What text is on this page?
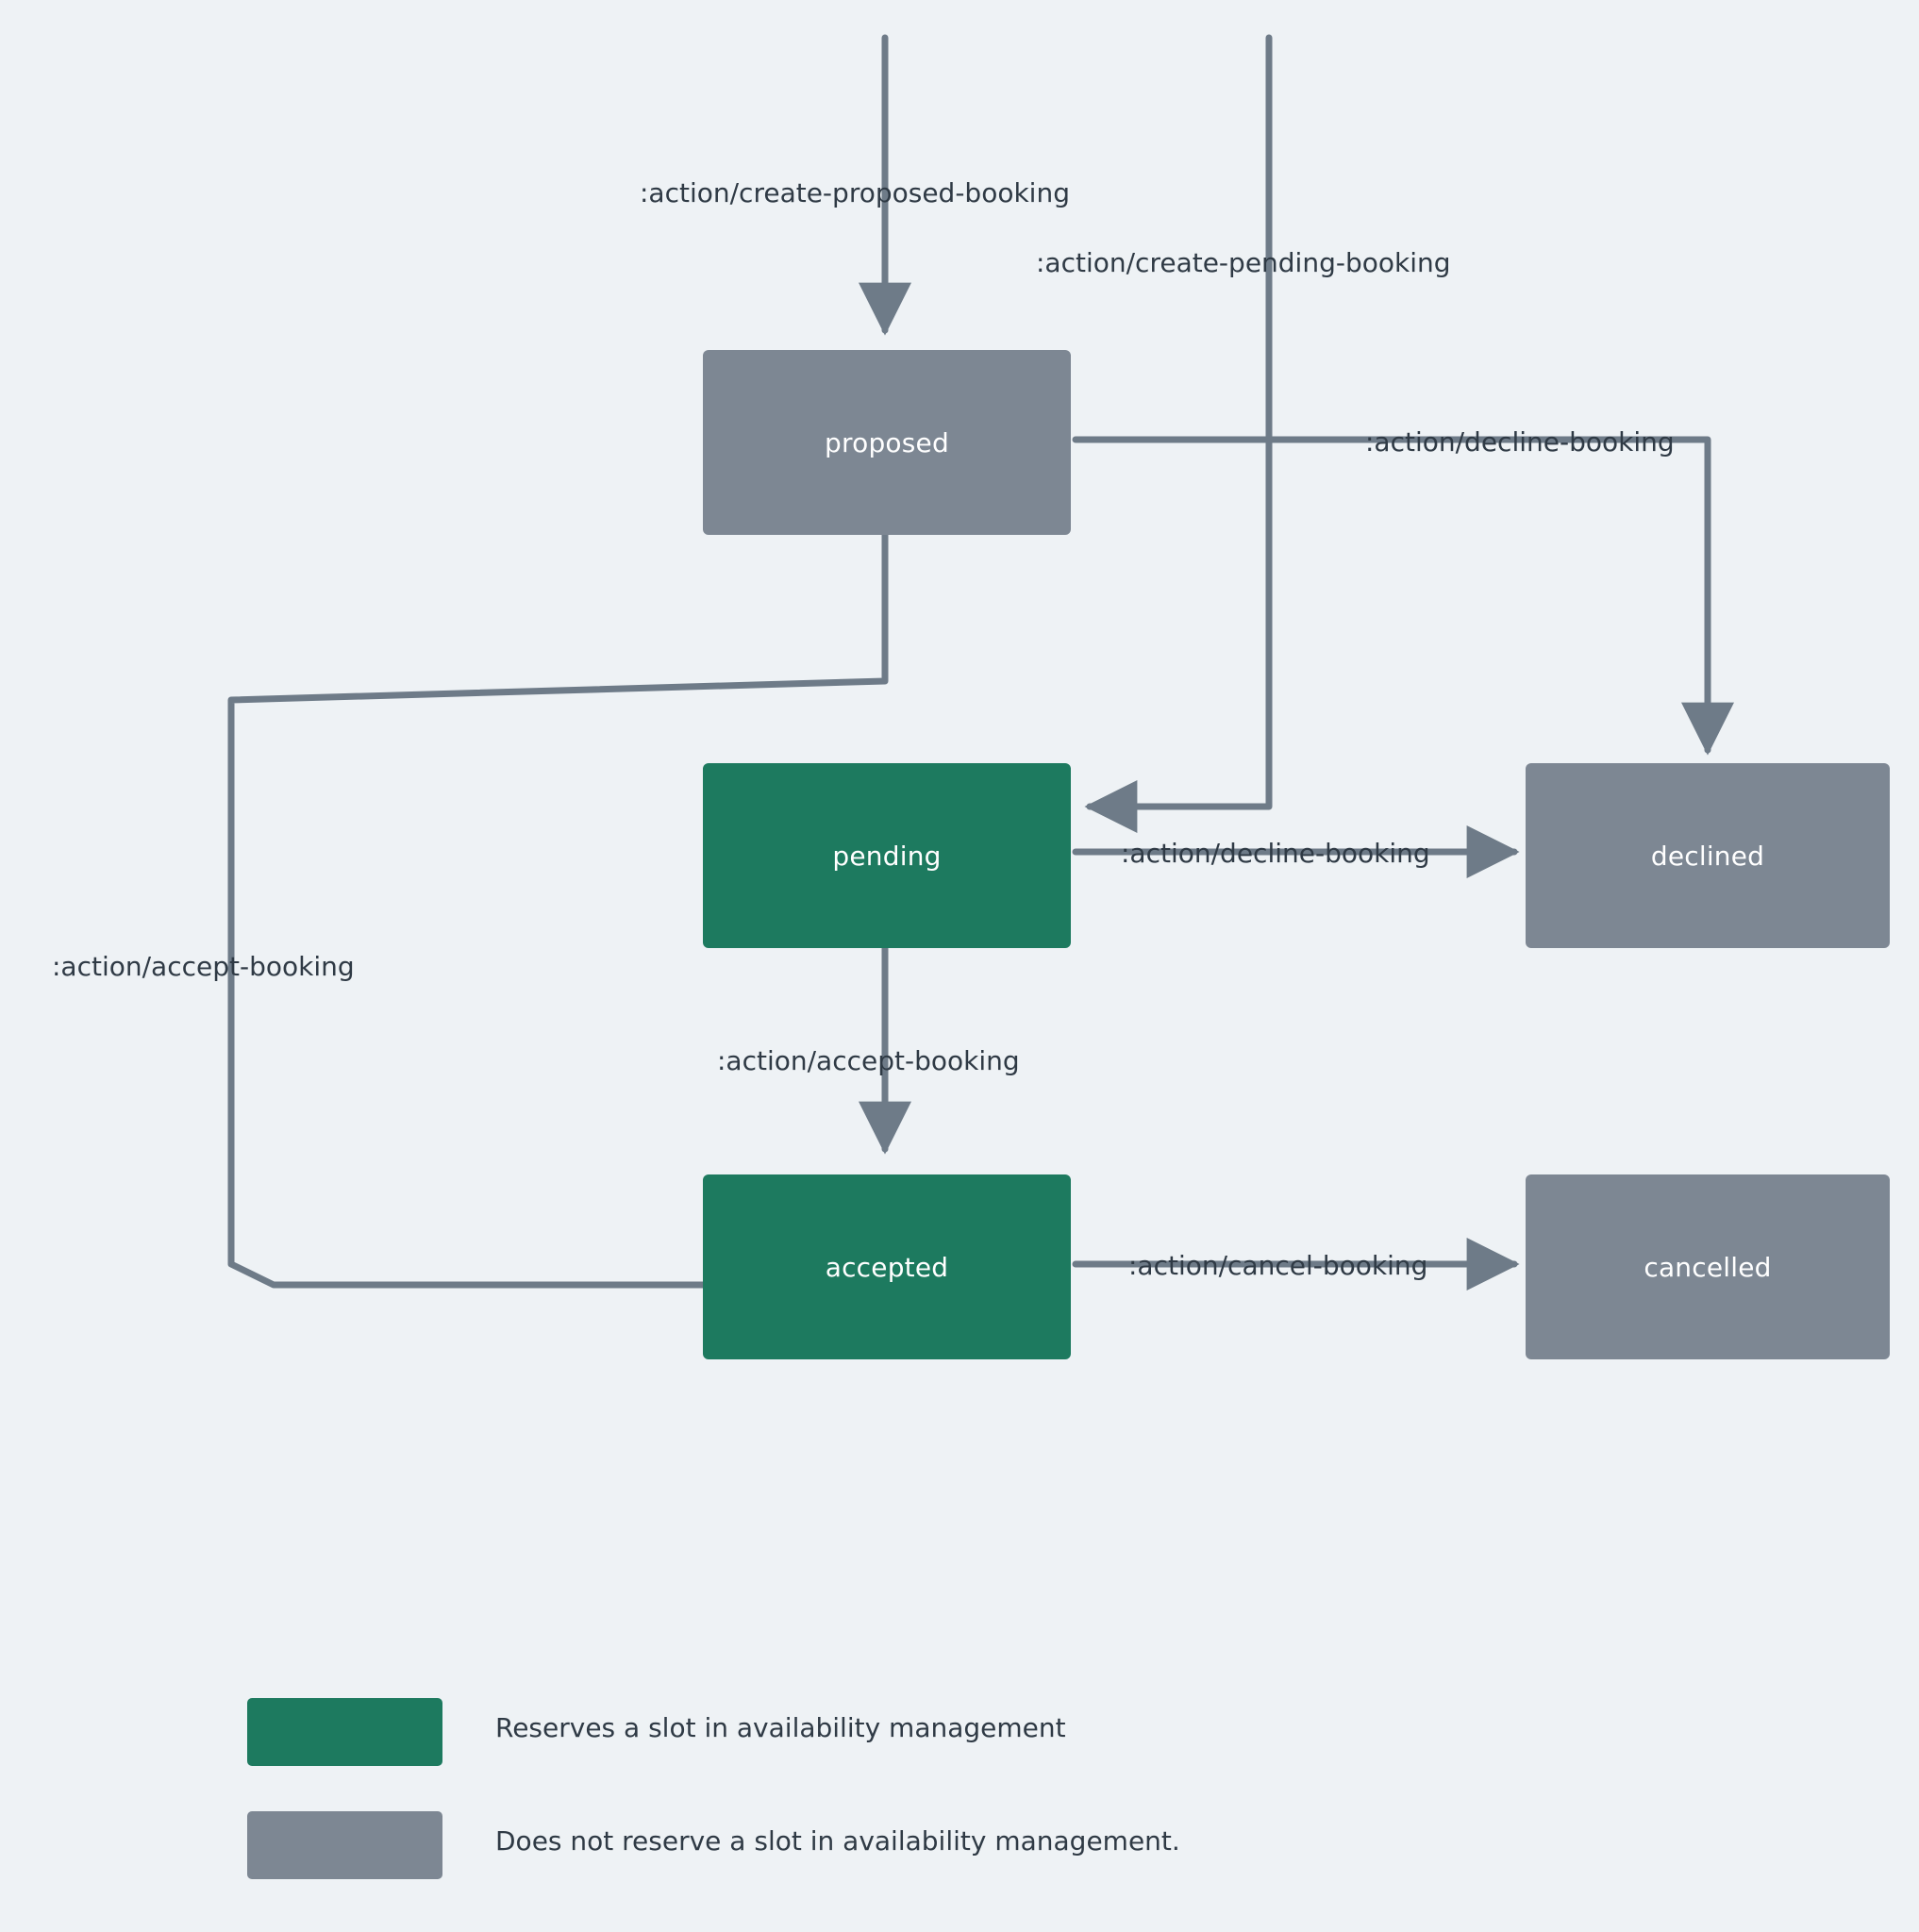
proposed
pending
accepted
declined
cancelled
:action/create-proposed-booking
:action/create-pending-booking
:action/decline-booking
:action/accept-booking
:action/decline-booking
:action/accept-booking
:action/cancel-booking
Reserves a slot in availability management
Does not reserve a slot in availability management.
